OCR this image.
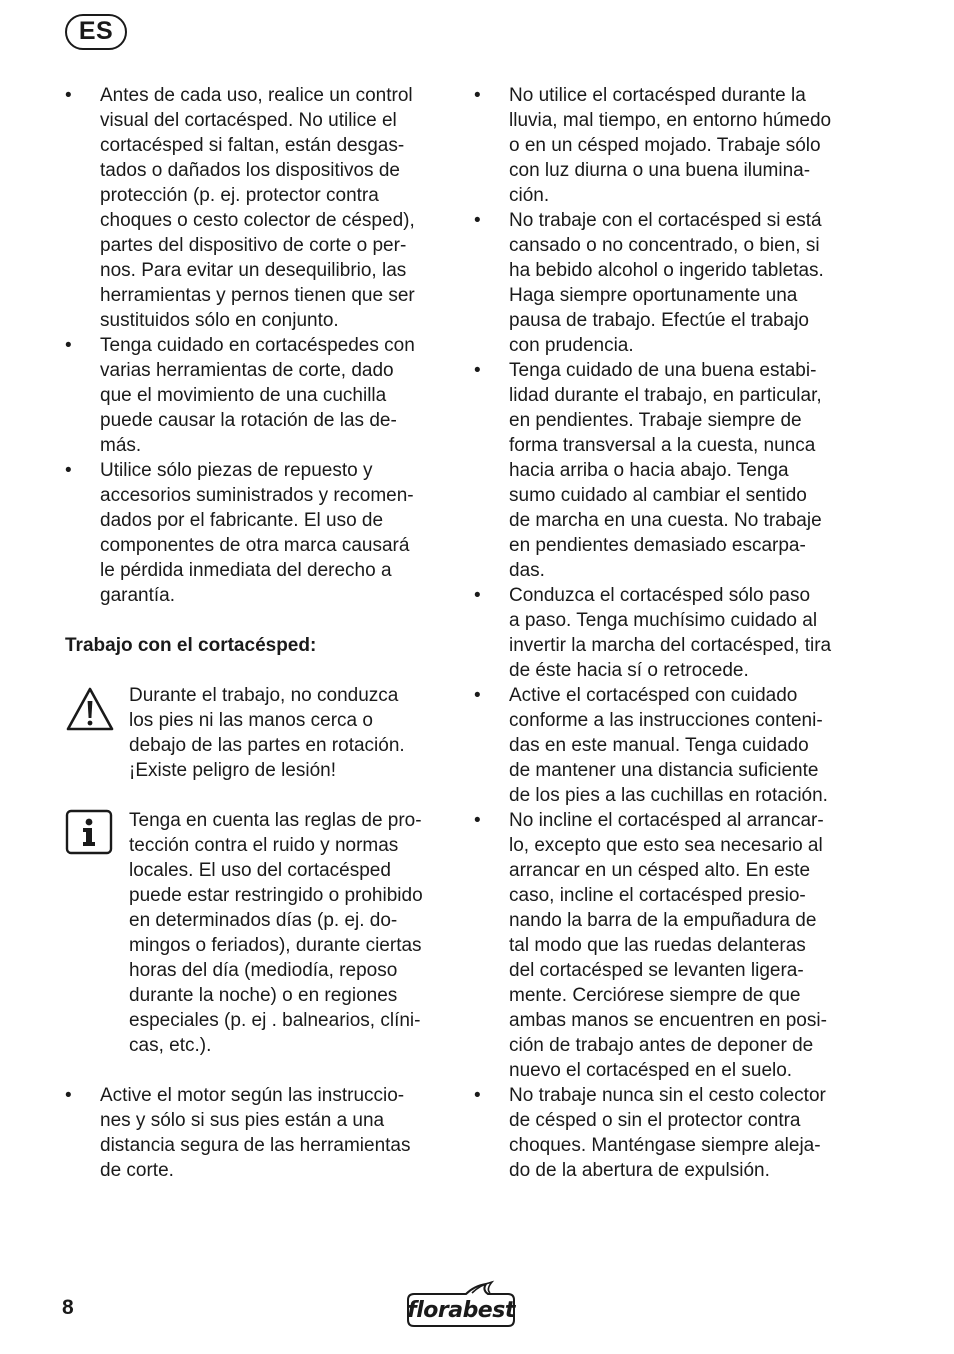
ES
• Antes de cada uso, realice un control
visual del cortacésped. No utilice el
cortacésped si faltan, están desgas-
tados o dañados los dispositivos de
protección (p. ej. protector contra
choques o cesto colector de césped),
partes del dispositivo de corte o per-
nos. Para evitar un desequilibrio, las
herramientas y pernos tienen que ser
sustituidos sólo en conjunto.
• Tenga cuidado en cortacéspedes con
varias herramientas de corte, dado
que el movimiento de una cuchilla
puede causar la rotación de las de-
más.
• Utilice sólo piezas de repuesto y
accesorios suministrados y recomen-
dados por el fabricante. El uso de
componentes de otra marca causará
le pérdida inmediata del derecho a
garantía.
Trabajo con el cortacésped:
Durante el trabajo, no conduzca
los pies ni las manos cerca o
debajo de las partes en rotación.
¡Existe peligro de lesión!
Tenga en cuenta las reglas de pro-
tección contra el ruido y normas
locales. El uso del cortacésped
puede estar restringido o prohibido
en determinados días (p. ej. do-
mingos o feriados), durante ciertas
horas del día (mediodía, reposo
durante la noche) o en regiones
especiales (p. ej . balnearios, clíni-
cas, etc.).
• Active el motor según las instruccio-
nes y sólo si sus pies están a una
distancia segura de las herramientas
de corte.
• No utilice el cortacésped durante la
lluvia, mal tiempo, en entorno húmedo
o en un césped mojado. Trabaje sólo
con luz diurna o una buena ilumina-
ción.
• No trabaje con el cortacésped si está
cansado o no concentrado, o bien, si
ha bebido alcohol o ingerido tabletas.
Haga siempre oportunamente una
pausa de trabajo. Efectúe el trabajo
con prudencia.
• Tenga cuidado de una buena estabi-
lidad durante el trabajo, en particular,
en pendientes. Trabaje siempre de
forma transversal a la cuesta, nunca
hacia arriba o hacia abajo. Tenga
sumo cuidado al cambiar el sentido
de marcha en una cuesta. No trabaje
en pendientes demasiado escarpa-
das.
• Conduzca el cortacésped sólo paso
a paso. Tenga muchísimo cuidado al
invertir la marcha del cortacésped, tira
de éste hacia sí o retrocede.
• Active el cortacésped con cuidado
conforme a las instrucciones conteni-
das en este manual. Tenga cuidado
de mantener una distancia suficiente
de los pies a las cuchillas en rotación.
• No incline el cortacésped al arrancar-
lo, excepto que esto sea necesario al
arrancar en un césped alto. En este
caso, incline el cortacésped presio-
nando la barra de la empuñadura de
tal modo que las ruedas delanteras
del cortacésped se levanten ligera-
mente. Cerciórese siempre de que
ambas manos se encuentren en posi-
ción de trabajo antes de deponer de
nuevo el cortacésped en el suelo.
• No trabaje nunca sin el cesto colector
de césped o sin el protector contra
choques. Manténgase siempre aleja-
do de la abertura de expulsión.
8	florabest
